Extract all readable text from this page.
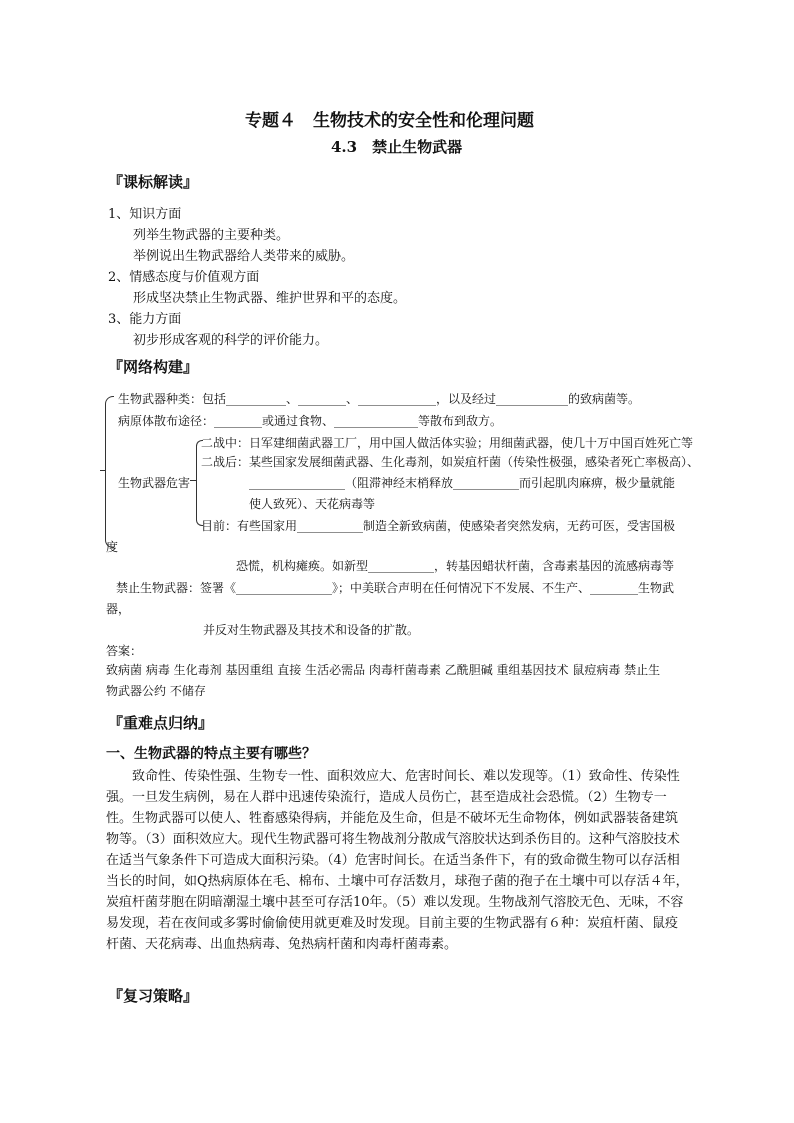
专题４　生物技术的安全性和伦理问题
4.3　禁止生物武器
『课标解读』
1、知识方面
列举生物武器的主要种类。
举例说出生物武器给人类带来的威胁。
2、情感态度与价值观方面
形成坚决禁止生物武器、维护世界和平的态度。
3、能力方面
初步形成客观的科学的评价能力。
『网络构建』
生物武器种类：包括__________、________、_____________，以及经过____________的致病菌等。
病原体散布途径：________或通过食物、______________等散布到敌方。
二战中：日军建细菌武器工厂，用中国人做活体实验；用细菌武器，使几十万中国百姓死亡等
生物武器危害
二战后：某些国家发展细菌武器、生化毒剂，如炭疽杆菌（传染性极强，感染者死亡率极高）、
________________（阻滞神经末梢释放___________而引起肌肉麻痹，极少量就能
使人致死）、天花病毒等
目前：有些国家用___________制造全新致病菌，使感染者突然发病，无药可医，受害国极
度
恐慌，机构瘫痪。如新型___________，转基因蜡状杆菌，含毒素基因的流感病毒等
禁止生物武器：签署《________________》；中美联合声明在任何情况下不发展、不生产、________生物武
器，
并反对生物武器及其技术和设备的扩散。
答案：
致病菌 病毒 生化毒剂 基因重组 直接 生活必需品 肉毒杆菌毒素 乙酰胆碱 重组基因技术 鼠痘病毒 禁止生
物武器公约 不储存
『重难点归纳』
一、生物武器的特点主要有哪些？
致命性、传染性强、生物专一性、面积效应大、危害时间长、难以发现等。（1）致命性、传染性强。一旦发生病例，易在人群中迅速传染流行，造成人员伤亡，甚至造成社会恐慌。（2）生物专一性。生物武器可以使人、牲畜感染得病，并能危及生命，但是不破坏无生命物体，例如武器装备建筑物等。（3）面积效应大。现代生物武器可将生物战剂分散成气溶胶状达到杀伤目的。这种气溶胶技术在适当气象条件下可造成大面积污染。（4）危害时间长。在适当条件下，有的致命微生物可以存活相当长的时间，如Q热病原体在毛、棉布、土壤中可存活数月，球孢子菌的孢子在土壤中可以存活４年，炭疽杆菌芽胞在阴暗潮湿土壤中甚至可存活10年。（5）难以发现。生物战剂气溶胶无色、无味，不容易发现，若在夜间或多雾时偷偷使用就更难及时发现。目前主要的生物武器有６种：炭疽杆菌、鼠疫杆菌、天花病毒、出血热病毒、兔热病杆菌和肉毒杆菌毒素。
『复习策略』
